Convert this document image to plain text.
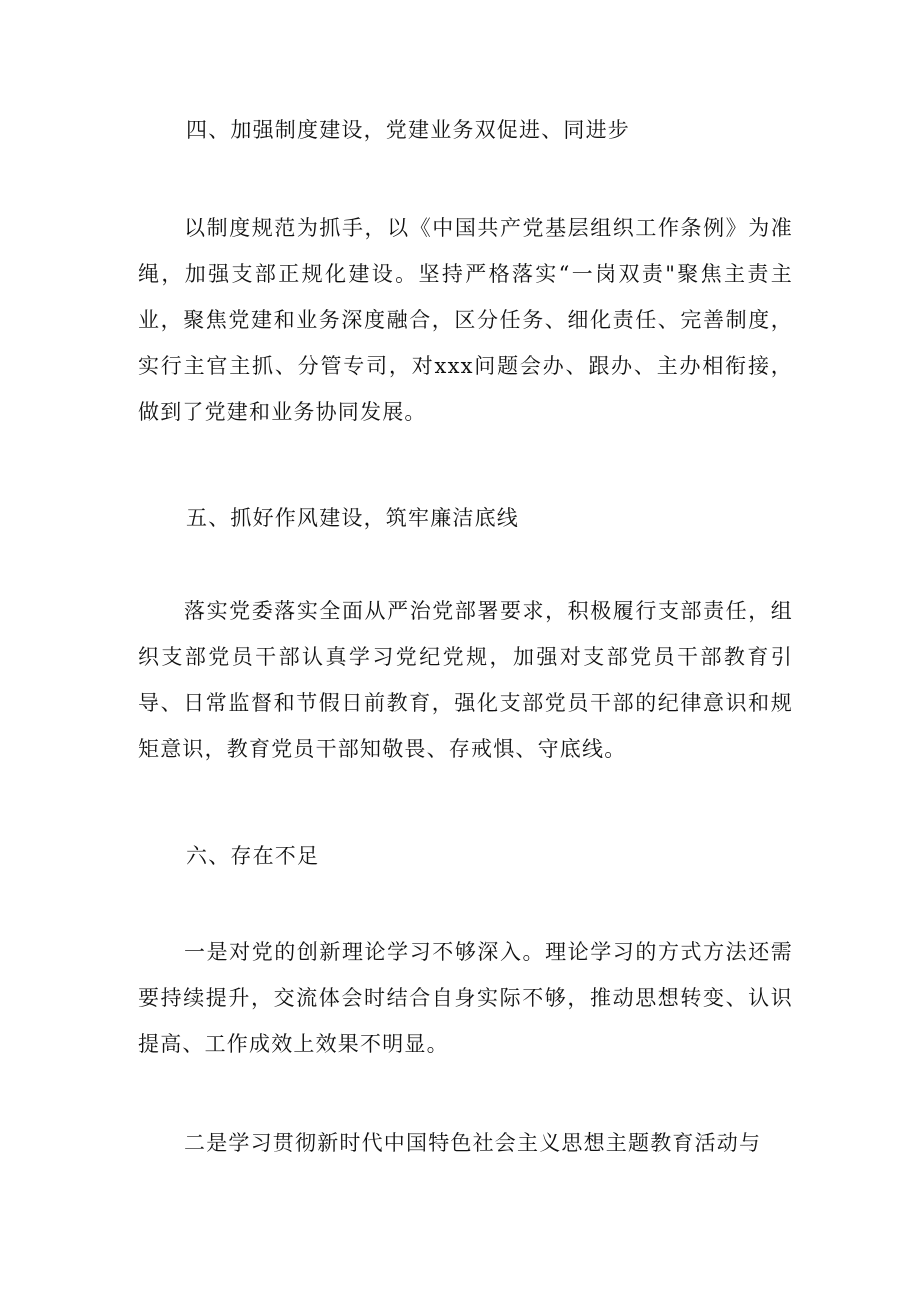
四、加强制度建设，党建业务双促进、同进步
以制度规范为抓手，以《中国共产党基层组织工作条例》为准绳，加强支部正规化建设。坚持严格落实“一岗双责"聚焦主责主业，聚焦党建和业务深度融合，区分任务、细化责任、完善制度，实行主官主抓、分管专司，对xxx问题会办、跟办、主办相衔接，做到了党建和业务协同发展。
五、抓好作风建设，筑牢廉洁底线
落实党委落实全面从严治党部署要求，积极履行支部责任，组织支部党员干部认真学习党纪党规，加强对支部党员干部教育引导、日常监督和节假日前教育，强化支部党员干部的纪律意识和规矩意识，教育党员干部知敬畏、存戒惧、守底线。
六、存在不足
一是对党的创新理论学习不够深入。理论学习的方式方法还需要持续提升，交流体会时结合自身实际不够，推动思想转变、认识提高、工作成效上效果不明显。
二是学习贯彻新时代中国特色社会主义思想主题教育活动与
